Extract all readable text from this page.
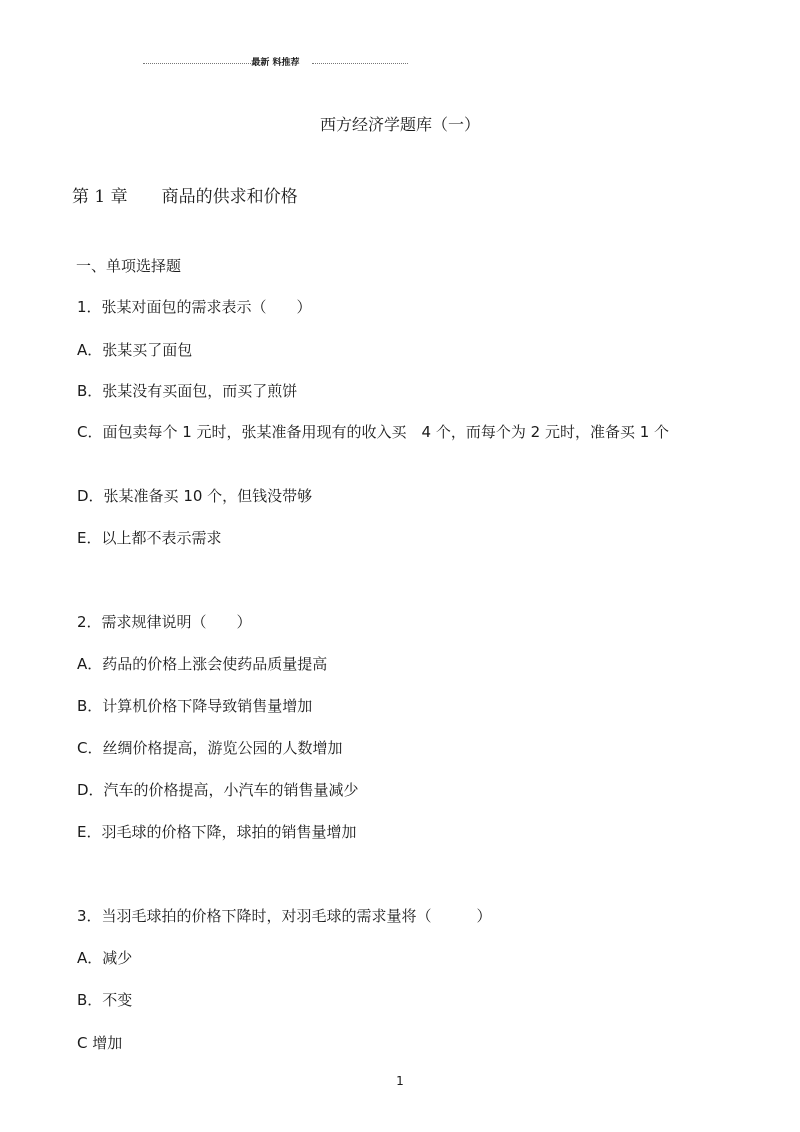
最新 料推荐
西方经济学题库（一）
第 1 章 商品的供求和价格
一、单项选择题
1．张某对面包的需求表示（　　）
A．张某买了面包
B．张某没有买面包，而买了煎饼
C．面包卖每个 1 元时，张某准备用现有的收入买　4 个，而每个为 2 元时，准备买 1 个
D．张某准备买 10 个，但钱没带够
E．以上都不表示需求
2．需求规律说明（　　）
A．药品的价格上涨会使药品质量提高
B．计算机价格下降导致销售量增加
C．丝绸价格提高，游览公园的人数增加
D．汽车的价格提高，小汽车的销售量减少
E．羽毛球的价格下降，球拍的销售量增加
3．当羽毛球拍的价格下降时，对羽毛球的需求量将（　　　）
A．减少
B．不变
C 增加
1
